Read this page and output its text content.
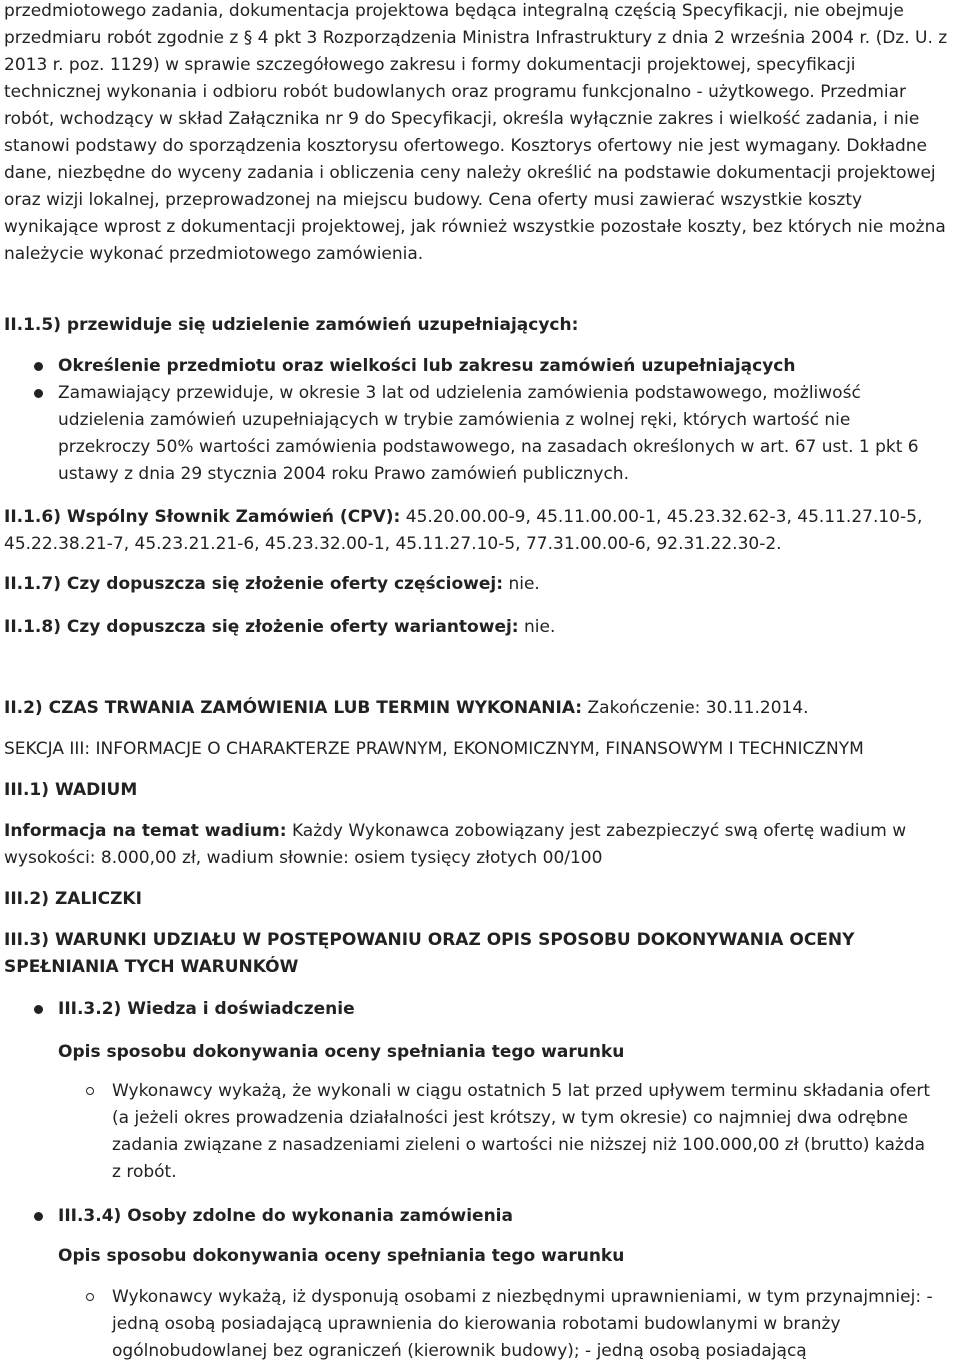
przedmiotowego zadania, dokumentacja projektowa będąca integralną częścią Specyfikacji, nie obejmuje przedmiaru robót zgodnie z § 4 pkt 3 Rozporządzenia Ministra Infrastruktury z dnia 2 września 2004 r. (Dz. U. z 2013 r. poz. 1129) w sprawie szczegółowego zakresu i formy dokumentacji projektowej, specyfikacji technicznej wykonania i odbioru robót budowlanych oraz programu funkcjonalno - użytkowego. Przedmiar robót, wchodzący w skład Załącznika nr 9 do Specyfikacji, określa wyłącznie zakres i wielkość zadania, i nie stanowi podstawy do sporządzenia kosztorysu ofertowego. Kosztorys ofertowy nie jest wymagany. Dokładne dane, niezbędne do wyceny zadania i obliczenia ceny należy określić na podstawie dokumentacji projektowej oraz wizji lokalnej, przeprowadzonej na miejscu budowy. Cena oferty musi zawierać wszystkie koszty wynikające wprost z dokumentacji projektowej, jak również wszystkie pozostałe koszty, bez których nie można należycie wykonać przedmiotowego zamówienia.

II.1.5) przewiduje się udzielenie zamówień uzupełniających:

Określenie przedmiotu oraz wielkości lub zakresu zamówień uzupełniających
Zamawiający przewiduje, w okresie 3 lat od udzielenia zamówienia podstawowego, możliwość udzielenia zamówień uzupełniających w trybie zamówienia z wolnej ręki, których wartość nie przekroczy 50% wartości zamówienia podstawowego, na zasadach określonych w art. 67 ust. 1 pkt 6 ustawy z dnia 29 stycznia 2004 roku Prawo zamówień publicznych.

II.1.6) Wspólny Słownik Zamówień (CPV): 45.20.00.00-9, 45.11.00.00-1, 45.23.32.62-3, 45.11.27.10-5, 45.22.38.21-7, 45.23.21.21-6, 45.23.32.00-1, 45.11.27.10-5, 77.31.00.00-6, 92.31.22.30-2.

II.1.7) Czy dopuszcza się złożenie oferty częściowej: nie.

II.1.8) Czy dopuszcza się złożenie oferty wariantowej: nie.

II.2) CZAS TRWANIA ZAMÓWIENIA LUB TERMIN WYKONANIA: Zakończenie: 30.11.2014.

SEKCJA III: INFORMACJE O CHARAKTERZE PRAWNYM, EKONOMICZNYM, FINANSOWYM I TECHNICZNYM

III.1) WADIUM

Informacja na temat wadium: Każdy Wykonawca zobowiązany jest zabezpieczyć swą ofertę wadium w wysokości: 8.000,00 zł, wadium słownie: osiem tysięcy złotych 00/100

III.2) ZALICZKI

III.3) WARUNKI UDZIAŁU W POSTĘPOWANIU ORAZ OPIS SPOSOBU DOKONYWANIA OCENY SPEŁNIANIA TYCH WARUNKÓW

III.3.2) Wiedza i doświadczenie

Opis sposobu dokonywania oceny spełniania tego warunku

Wykonawcy wykażą, że wykonali w ciągu ostatnich 5 lat przed upływem terminu składania ofert (a jeżeli okres prowadzenia działalności jest krótszy, w tym okresie) co najmniej dwa odrębne zadania związane z nasadzeniami zieleni o wartości nie niższej niż 100.000,00 zł (brutto) każda z robót.
III.3.4) Osoby zdolne do wykonania zamówienia

Opis sposobu dokonywania oceny spełniania tego warunku

Wykonawcy wykażą, iż dysponują osobami z niezbędnymi uprawnieniami, w tym przynajmniej: - jedną osobą posiadającą uprawnienia do kierowania robotami budowlanymi w branży ogólnobudowlanej bez ograniczeń (kierownik budowy); - jedną osobą posiadającą
